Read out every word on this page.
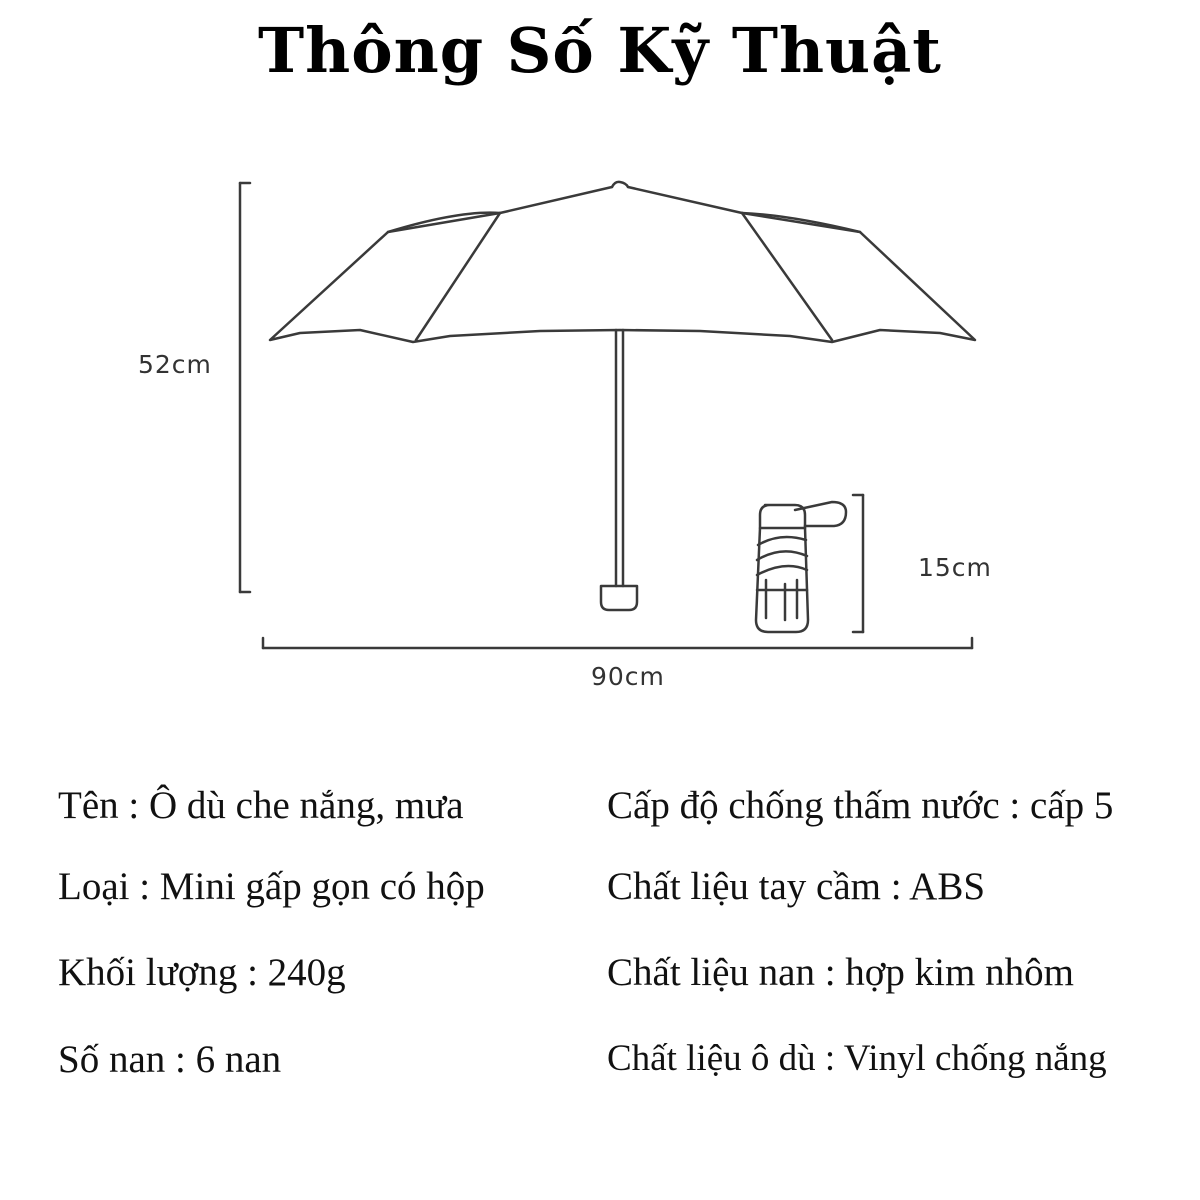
Thông Số Kỹ Thuật
52cm
90cm
15cm
Tên : Ô dù che nắng, mưa
Loại : Mini gấp gọn có hộp
Khối lượng : 240g
Số nan : 6 nan
Cấp độ chống thấm nước : cấp 5
Chất liệu tay cầm : ABS
Chất liệu nan : hợp kim nhôm
Chất liệu ô dù : Vinyl chống nắng
